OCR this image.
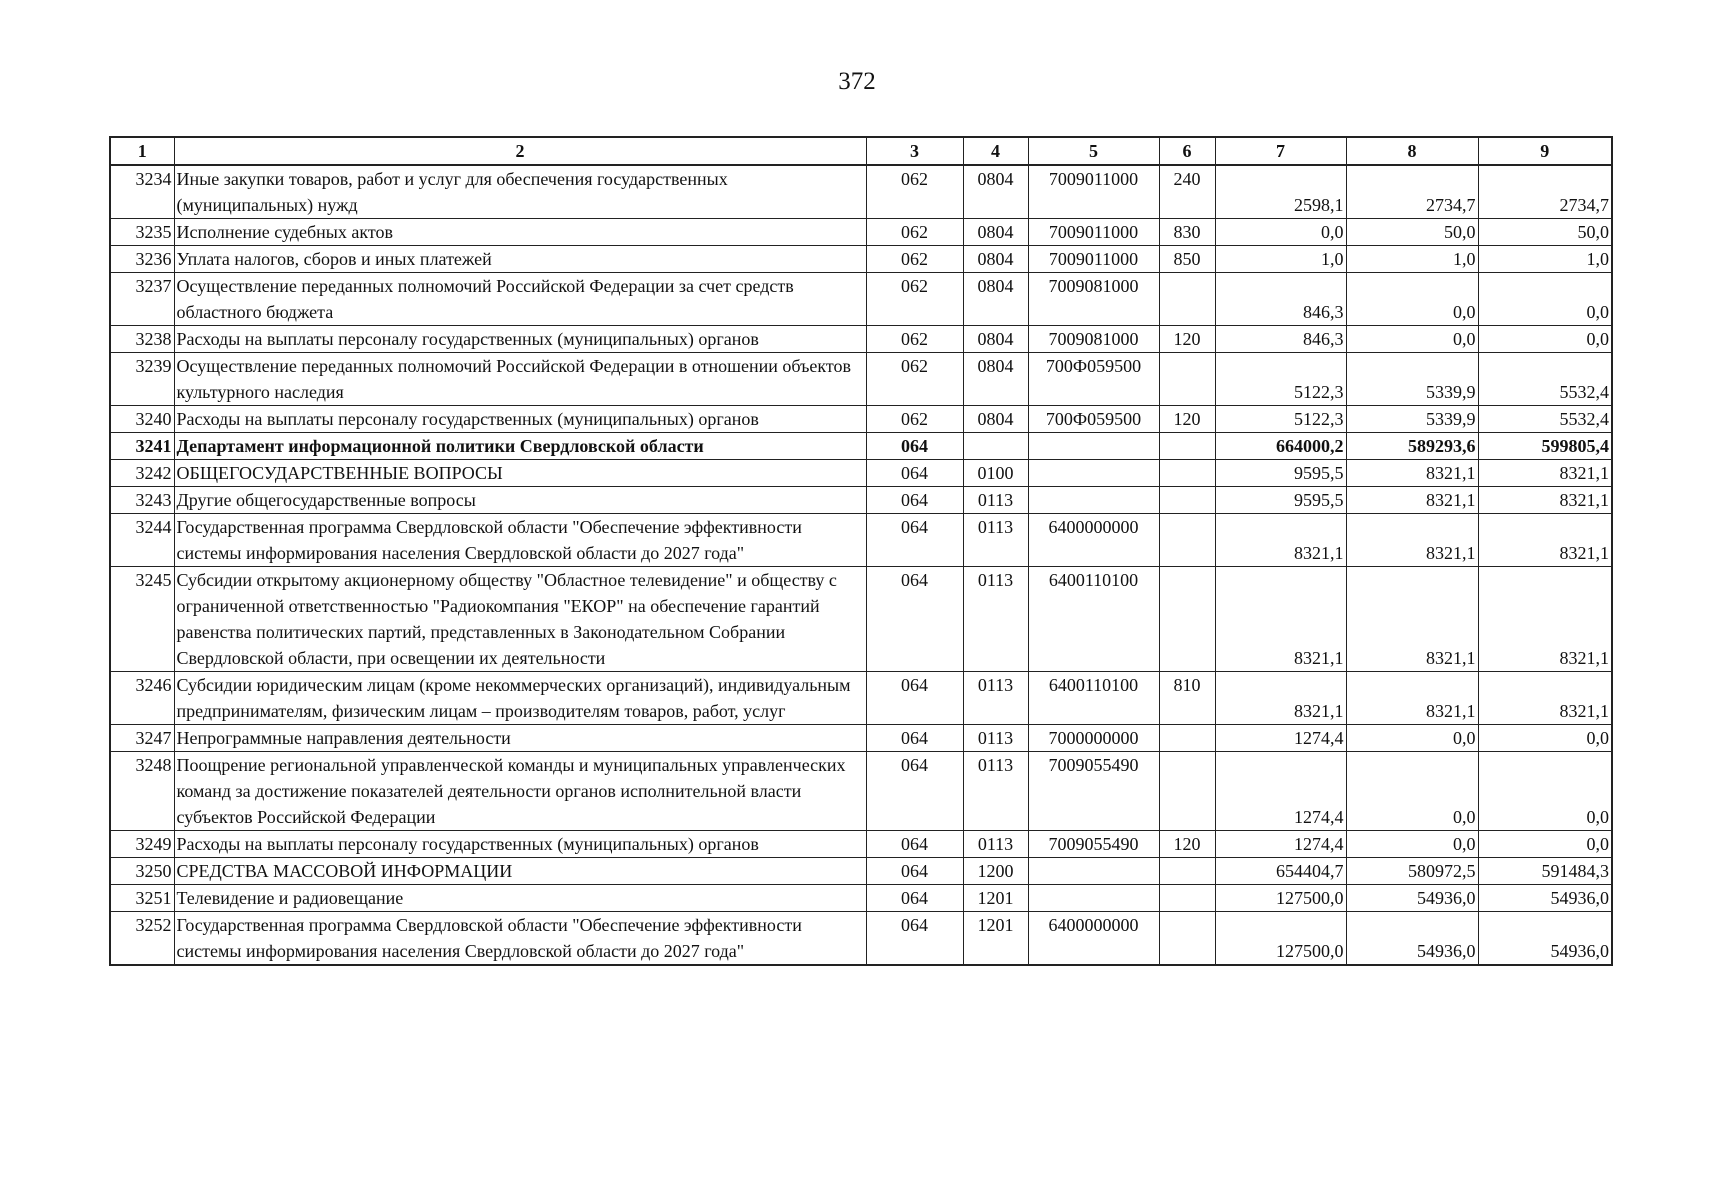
372
1	2	3	4	5	6	7	8	9
3234	Иные закупки товаров, работ и услуг для обеспечения государственных (муниципальных) нужд	062	0804	7009011000	240	2598,1	2734,7	2734,7
3235	Исполнение судебных актов	062	0804	7009011000	830	0,0	50,0	50,0
3236	Уплата налогов, сборов и иных платежей	062	0804	7009011000	850	1,0	1,0	1,0
3237	Осуществление переданных полномочий Российской Федерации за счет средств областного бюджета	062	0804	7009081000		846,3	0,0	0,0
3238	Расходы на выплаты персоналу государственных (муниципальных) органов	062	0804	7009081000	120	846,3	0,0	0,0
3239	Осуществление переданных полномочий Российской Федерации в отношении объектов культурного наследия	062	0804	700Ф059500		5122,3	5339,9	5532,4
3240	Расходы на выплаты персоналу государственных (муниципальных) органов	062	0804	700Ф059500	120	5122,3	5339,9	5532,4
3241	Департамент информационной политики Свердловской области	064				664000,2	589293,6	599805,4
3242	ОБЩЕГОСУДАРСТВЕННЫЕ ВОПРОСЫ	064	0100			9595,5	8321,1	8321,1
3243	Другие общегосударственные вопросы	064	0113			9595,5	8321,1	8321,1
3244	Государственная программа Свердловской области "Обеспечение эффективности системы информирования населения Свердловской области до 2027 года"	064	0113	6400000000		8321,1	8321,1	8321,1
3245	Субсидии открытому акционерному обществу "Областное телевидение" и обществу с ограниченной ответственностью "Радиокомпания "ЕКОР" на обеспечение гарантий равенства политических партий, представленных в Законодательном Собрании Свердловской области, при освещении их деятельности	064	0113	6400110100		8321,1	8321,1	8321,1
3246	Субсидии юридическим лицам (кроме некоммерческих организаций), индивидуальным предпринимателям, физическим лицам – производителям товаров, работ, услуг	064	0113	6400110100	810	8321,1	8321,1	8321,1
3247	Непрограммные направления деятельности	064	0113	7000000000		1274,4	0,0	0,0
3248	Поощрение региональной управленческой команды и муниципальных управленческих команд за достижение показателей деятельности органов исполнительной власти субъектов Российской Федерации	064	0113	7009055490		1274,4	0,0	0,0
3249	Расходы на выплаты персоналу государственных (муниципальных) органов	064	0113	7009055490	120	1274,4	0,0	0,0
3250	СРЕДСТВА МАССОВОЙ ИНФОРМАЦИИ	064	1200			654404,7	580972,5	591484,3
3251	Телевидение и радиовещание	064	1201			127500,0	54936,0	54936,0
3252	Государственная программа Свердловской области "Обеспечение эффективности системы информирования населения Свердловской области до 2027 года"	064	1201	6400000000		127500,0	54936,0	54936,0
